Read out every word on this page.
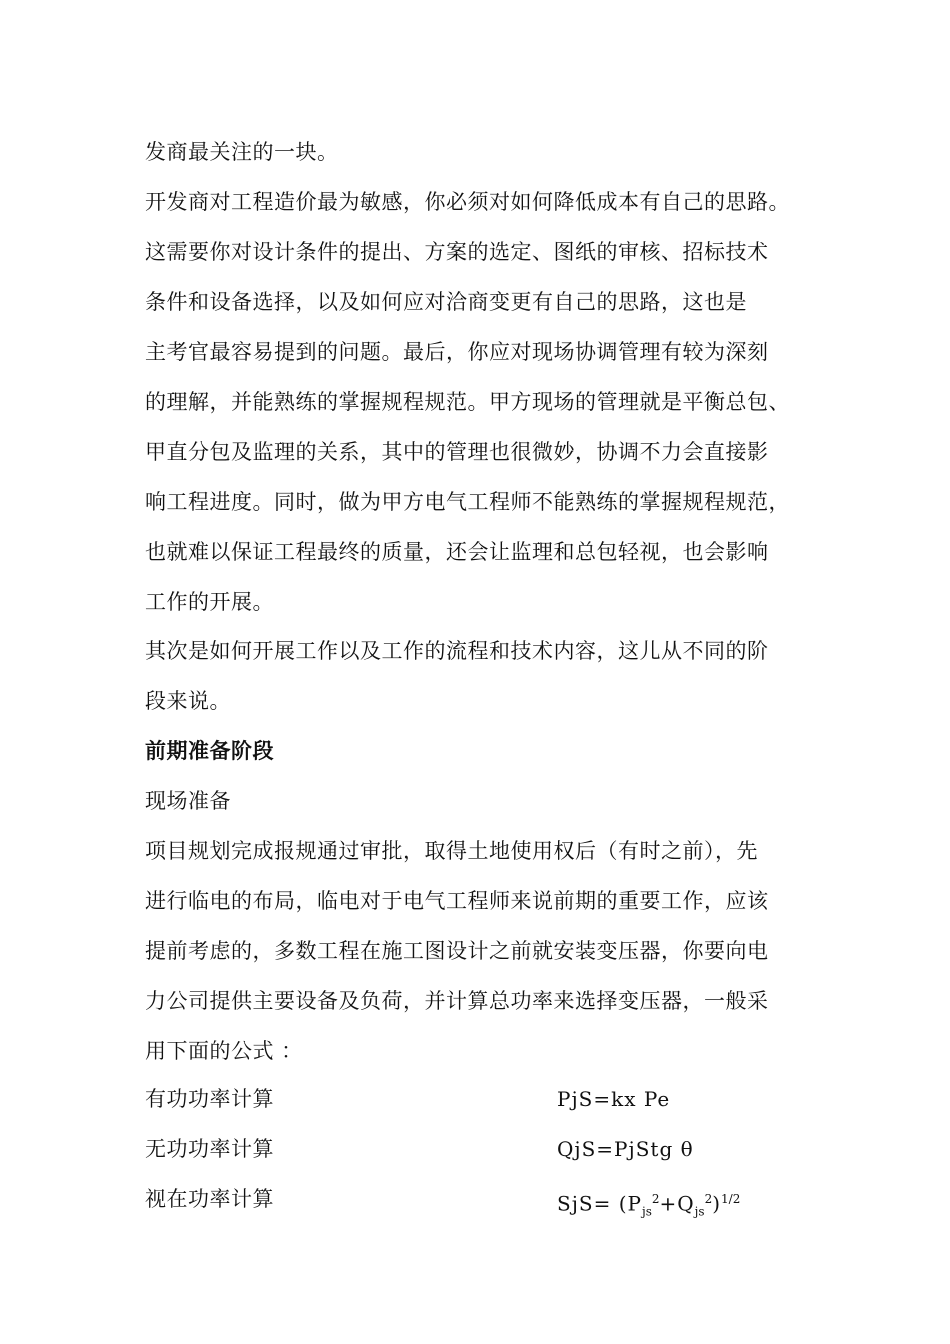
发商最关注的一块。
开发商对工程造价最为敏感，你必须对如何降低成本有自己的思路。
这需要你对设计条件的提出、方案的选定、图纸的审核、招标技术
条件和设备选择，以及如何应对洽商变更有自己的思路，这也是
主考官最容易提到的问题。最后，你应对现场协调管理有较为深刻
的理解，并能熟练的掌握规程规范。甲方现场的管理就是平衡总包、
甲直分包及监理的关系，其中的管理也很微妙，协调不力会直接影
响工程进度。同时，做为甲方电气工程师不能熟练的掌握规程规范，
也就难以保证工程最终的质量，还会让监理和总包轻视，也会影响
工作的开展。
其次是如何开展工作以及工作的流程和技术内容，这儿从不同的阶
段来说。
前期准备阶段
现场准备
项目规划完成报规通过审批，取得土地使用权后（有时之前），先
进行临电的布局，临电对于电气工程师来说前期的重要工作，应该
提前考虑的，多数工程在施工图设计之前就安装变压器，你要向电
力公司提供主要设备及负荷，并计算总功率来选择变压器，一般采
用下面的公式 ：
有功功率计算	PjS=kx Pe
无功功率计算	QjS=PjStg θ
视在功率计算	$SjS= (P_{js}^2+Q_{js}^2)^{1/2}$
